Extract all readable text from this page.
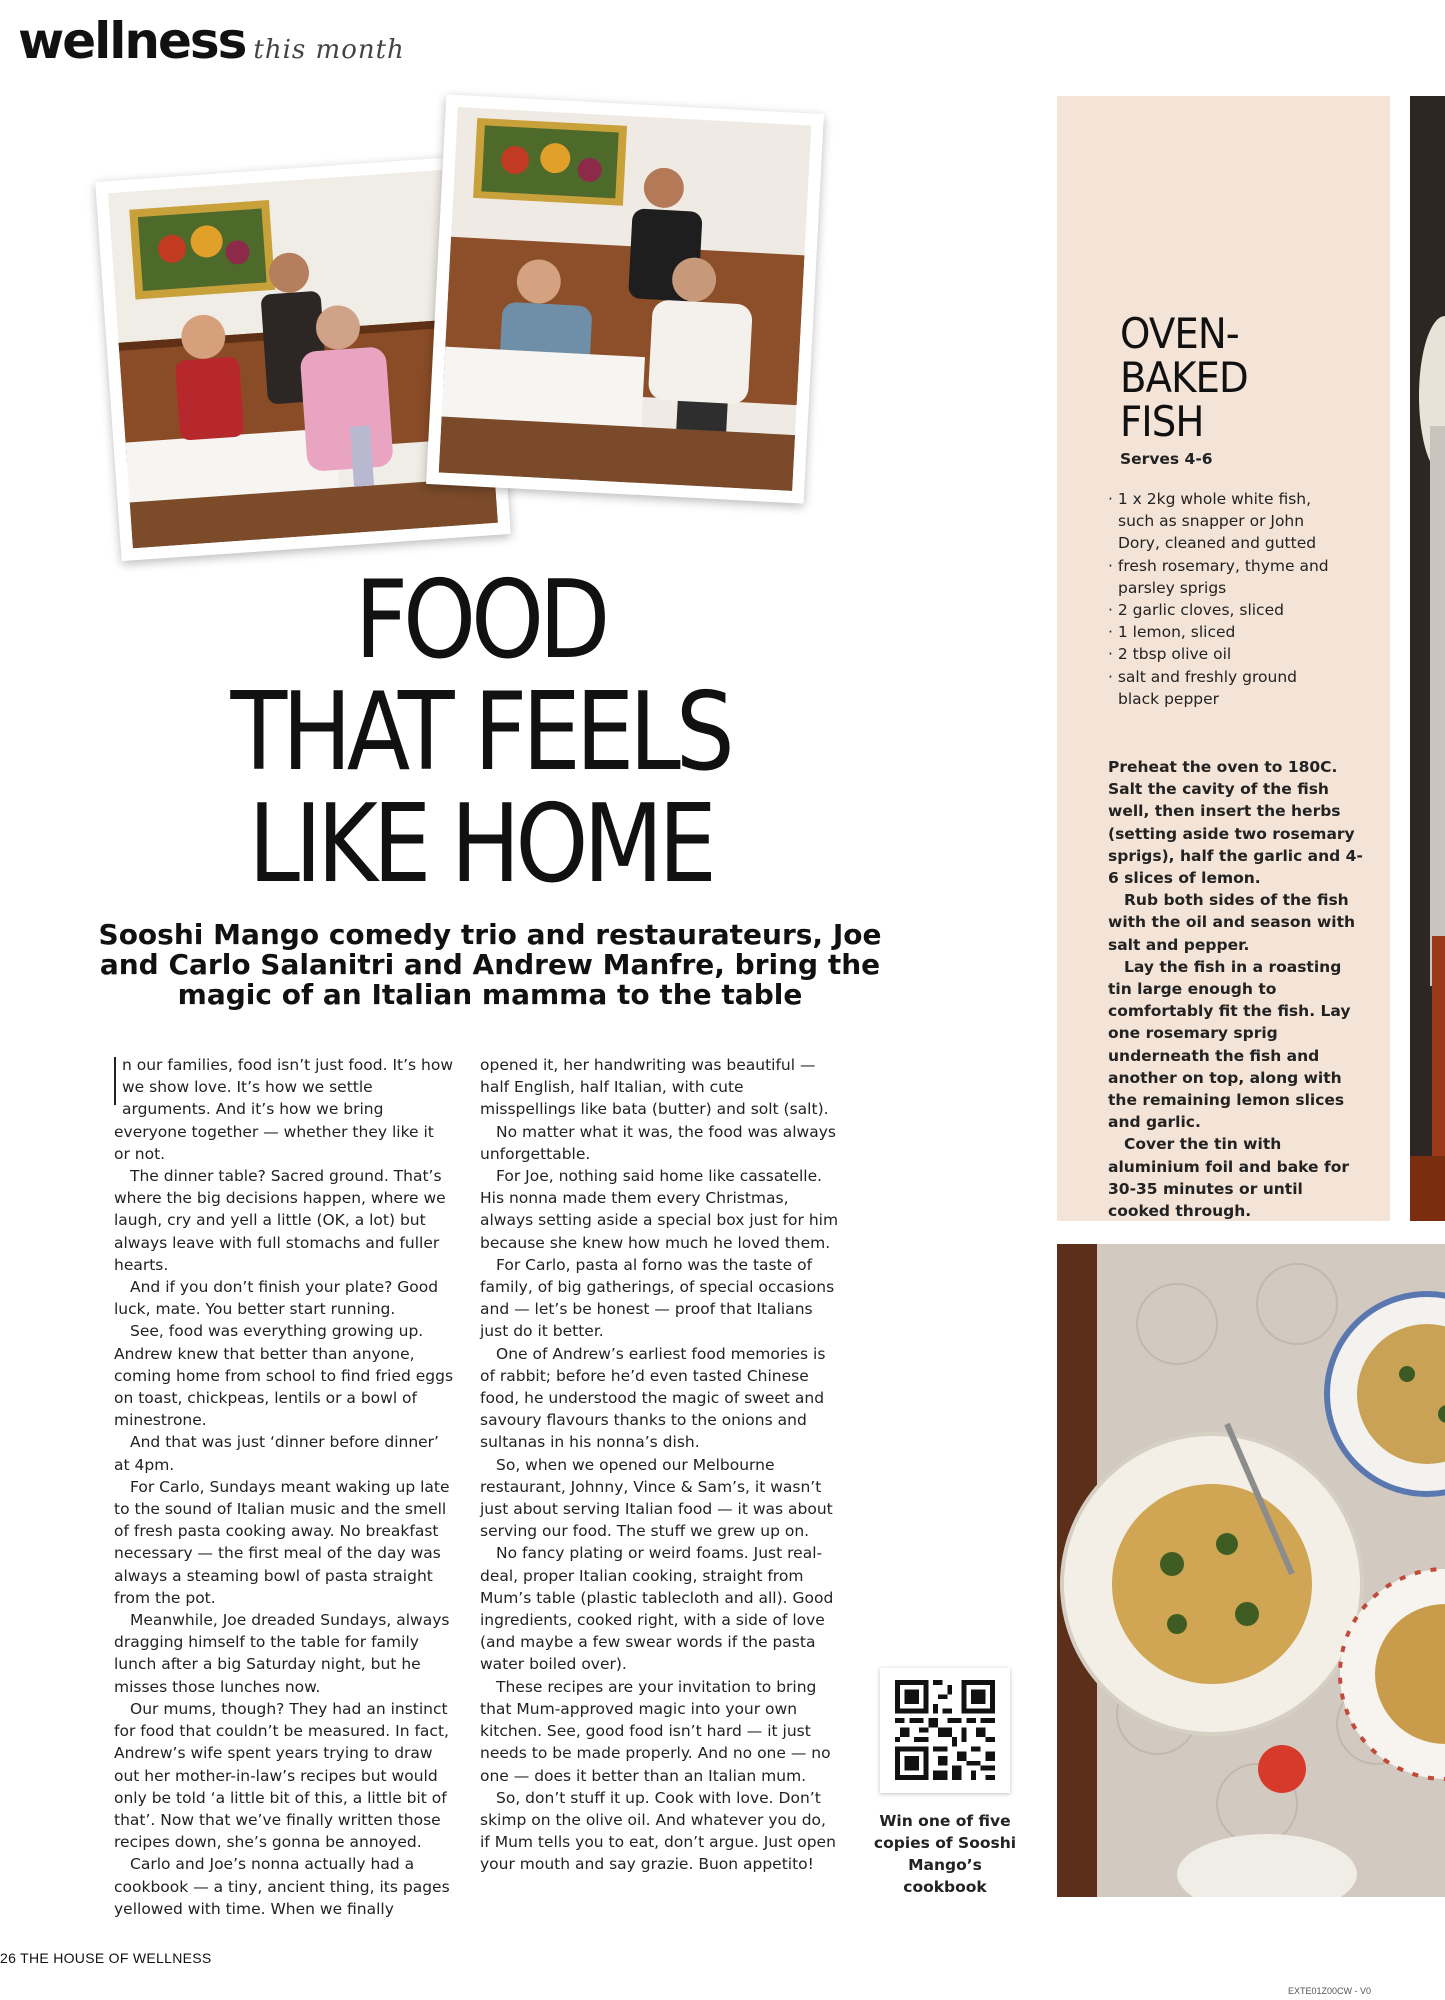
wellness this month
FOOD
THAT FEELS
LIKE HOME
Sooshi Mango comedy trio and restaurateurs, Joe and Carlo Salanitri and Andrew Manfre, bring the magic of an Italian mamma to the table

n our families, food isn’t just food. It’s how we show love. It’s how we settle arguments. And it’s how we bring everyone together — whether they like it or not.

The dinner table? Sacred ground. That’s where the big decisions happen, where we laugh, cry and yell a little (OK, a lot) but always leave with full stomachs and fuller hearts.

And if you don’t finish your plate? Good luck, mate. You better start running.

See, food was everything growing up. Andrew knew that better than anyone, coming home from school to find fried eggs on toast, chickpeas, lentils or a bowl of minestrone.

And that was just ‘dinner before dinner’ at 4pm.

For Carlo, Sundays meant waking up late to the sound of Italian music and the smell of fresh pasta cooking away. No breakfast necessary — the first meal of the day was always a steaming bowl of pasta straight from the pot.

Meanwhile, Joe dreaded Sundays, always dragging himself to the table for family lunch after a big Saturday night, but he misses those lunches now.

Our mums, though? They had an instinct for food that couldn’t be measured. In fact, Andrew’s wife spent years trying to draw out her mother-in-law’s recipes but would only be told ‘a little bit of this, a little bit of that’. Now that we’ve finally written those recipes down, she’s gonna be annoyed.

Carlo and Joe’s nonna actually had a cookbook — a tiny, ancient thing, its pages yellowed with time. When we finally

opened it, her handwriting was beautiful — half English, half Italian, with cute misspellings like bata (butter) and solt (salt).

No matter what it was, the food was always unforgettable.

For Joe, nothing said home like cassatelle. His nonna made them every Christmas, always setting aside a special box just for him because she knew how much he loved them.

For Carlo, pasta al forno was the taste of family, of big gatherings, of special occasions and — let’s be honest — proof that Italians just do it better.

One of Andrew’s earliest food memories is of rabbit; before he’d even tasted Chinese food, he understood the magic of sweet and savoury flavours thanks to the onions and sultanas in his nonna’s dish.

So, when we opened our Melbourne restaurant, Johnny, Vince & Sam’s, it wasn’t just about serving Italian food — it was about serving our food. The stuff we grew up on.

No fancy plating or weird foams. Just real-deal, proper Italian cooking, straight from Mum’s table (plastic tablecloth and all). Good ingredients, cooked right, with a side of love (and maybe a few swear words if the pasta water boiled over).

These recipes are your invitation to bring that Mum-approved magic into your own kitchen. See, good food isn’t hard — it just needs to be made properly. And no one — no one — does it better than an Italian mum.

So, don’t stuff it up. Cook with love. Don’t skimp on the olive oil. And whatever you do, if Mum tells you to eat, don’t argue. Just open your mouth and say grazie. Buon appetito!

OVEN-
BAKED
FISH
Serves 4-6
· 1 x 2kg whole white fish, such as snapper or John Dory, cleaned and gutted
· fresh rosemary, thyme and parsley sprigs
· 2 garlic cloves, sliced
· 1 lemon, sliced
· 2 tbsp olive oil
· salt and freshly ground black pepper

Preheat the oven to 180C. Salt the cavity of the fish well, then insert the herbs (setting aside two rosemary sprigs), half the garlic and 4-6 slices of lemon.

Rub both sides of the fish with the oil and season with salt and pepper.

Lay the fish in a roasting tin large enough to comfortably fit the fish. Lay one rosemary sprig underneath the fish and another on top, along with the remaining lemon slices and garlic.

Cover the tin with aluminium foil and bake for 30-35 minutes or until cooked through.

Win one of five copies of Sooshi Mango’s cookbook
26 THE HOUSE OF WELLNESS
EXTE01Z00CW - V0
